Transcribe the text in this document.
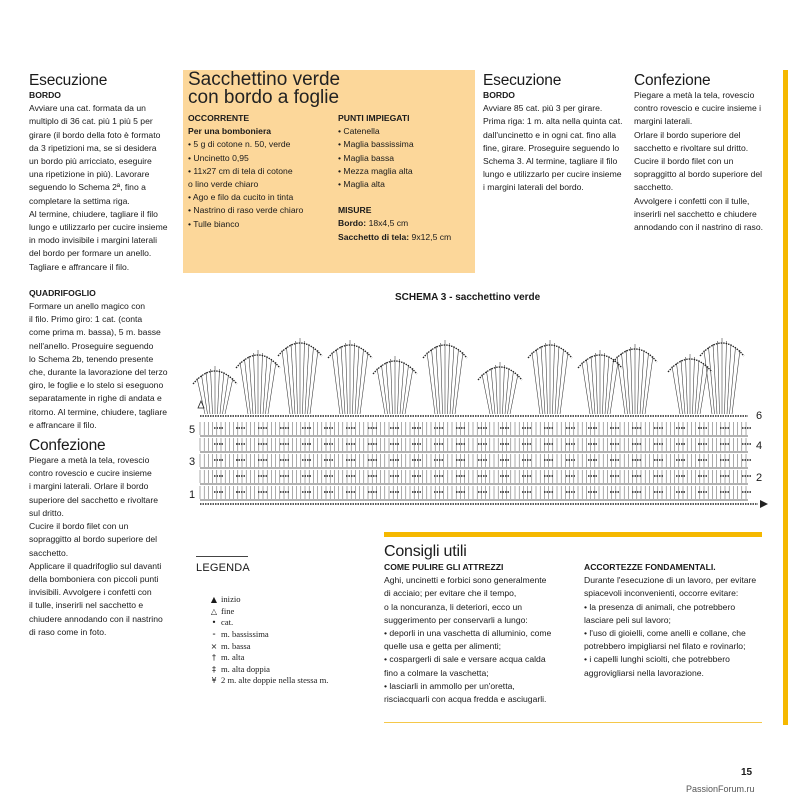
Esecuzione

BORDO

Avviare una cat. formata da un
multiplo di 36 cat. più 1 più 5 per
girare (il bordo della foto è formato
da 3 ripetizioni ma, se si desidera
un bordo più arricciato, eseguire
una ripetizione in più). Lavorare
seguendo lo Schema 2ª, fino a
completare la settima riga.
Al termine, chiudere, tagliare il filo
lungo e utilizzarlo per cucire insieme
in modo invisibile i margini laterali
del bordo per formare un anello.
Tagliare e affrancare il filo.

QUADRIFOGLIO

Formare un anello magico con
il filo. Primo giro: 1 cat. (conta
come prima m. bassa), 5 m. basse
nell'anello. Proseguire seguendo
lo Schema 2b, tenendo presente
che, durante la lavorazione del terzo
giro, le foglie e lo stelo si eseguono
separatamente in righe di andata e
ritorno. Al termine, chiudere, tagliare
e affrancare il filo.
Confezione
Piegare a metà la tela, rovescio
contro rovescio e cucire insieme
i margini laterali. Orlare il bordo
superiore del sacchetto e rivoltare
sul dritto.
Cucire il bordo filet con un
sopraggitto al bordo superiore del
sacchetto.
Applicare il quadrifoglio sul davanti
della bomboniera con piccoli punti
invisibili. Avvolgere i confetti con
il tulle, inserirli nel sacchetto e
chiudere annodando con il nastrino
di raso come in foto.
Sacchettino verde
con bordo a foglie
OCCORRENTE
Per una bomboniera
• 5 g di cotone n. 50, verde
• Uncinetto 0,95
• 11x27 cm di tela di cotone
o lino verde chiaro
• Ago e filo da cucito in tinta
• Nastrino di raso verde chiaro
• Tulle bianco
PUNTI IMPIEGATI
• Catenella
• Maglia bassissima
• Maglia bassa
• Mezza maglia alta
• Maglia alta
MISURE
Bordo: 18x4,5 cm
Sacchetto di tela: 9x12,5 cm
Esecuzione

BORDO

Avviare 85 cat. più 3 per girare.
Prima riga: 1 m. alta nella quinta cat.
dall'uncinetto e in ogni cat. fino alla
fine, girare. Proseguire seguendo lo
Schema 3. Al termine, tagliare il filo
lungo e utilizzarlo per cucire insieme
i margini laterali del bordo.
Confezione
Piegare a metà la tela, rovescio
contro rovescio e cucire insieme i
margini laterali.
Orlare il bordo superiore del
sacchetto e rivoltare sul dritto.
Cucire il bordo filet con un
sopraggitto al bordo superiore del
sacchetto.
Avvolgere i confetti con il tulle,
inserirli nel sacchetto e chiudere
annodando con il nastrino di raso.
SCHEMA 3 - sacchettino verde
5
3
1
6
4
2
LEGENDA
▲ inizio
△ fine
• cat.
⁃ m. bassissima
× m. bassa
† m. alta
‡ m. alta doppia
¥ 2 m. alte doppie nella stessa m.
Consigli utili

COME PULIRE GLI ATTREZZI

Aghi, uncinetti e forbici sono generalmente
di acciaio; per evitare che il tempo,
o la noncuranza, li deteriori, ecco un
suggerimento per conservarli a lungo:
• deporli in una vaschetta di alluminio, come
quelle usa e getta per alimenti;
• cospargerli di sale e versare acqua calda
fino a colmare la vaschetta;
• lasciarli in ammollo per un'oretta,
risciacquarli con acqua fredda e asciugarli.

ACCORTEZZE FONDAMENTALI.

Durante l'esecuzione di un lavoro, per evitare
spiacevoli inconvenienti, occorre evitare:
• la presenza di animali, che potrebbero
lasciare peli sul lavoro;
• l'uso di gioielli, come anelli e collane, che
potrebbero impigliarsi nel filato e rovinarlo;
• i capelli lunghi sciolti, che potrebbero
aggrovigliarsi nella lavorazione.
15
PassionForum.ru
